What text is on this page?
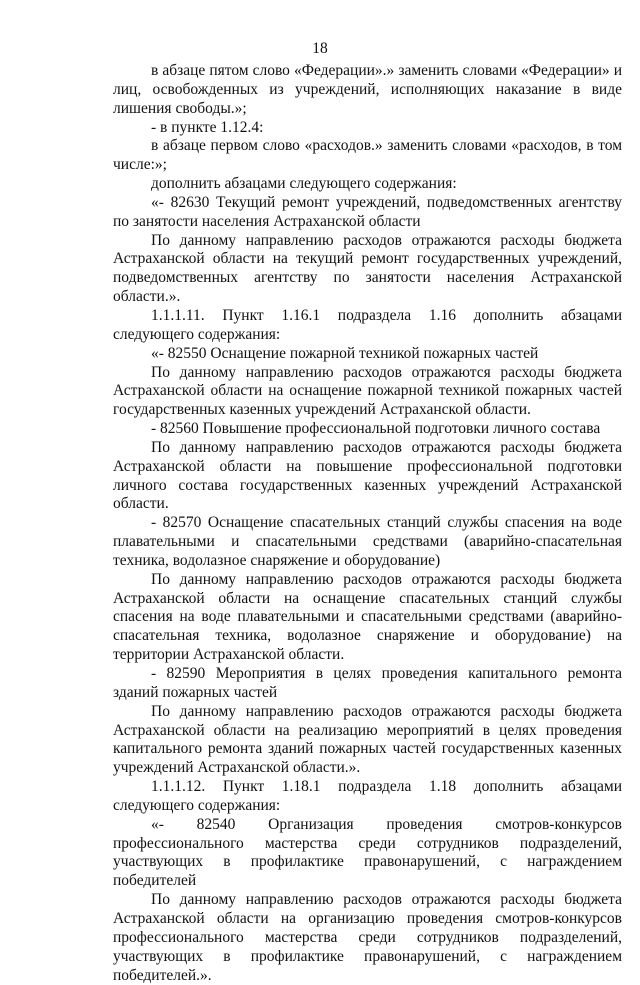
18

в абзаце пятом слово «Федерации».» заменить словами «Федерации» и лиц, освобожденных из учреждений, исполняющих наказание в виде лишения свободы.»;

- в пункте 1.12.4:

в абзаце первом слово «расходов.» заменить словами «расходов, в том числе:»;

дополнить абзацами следующего содержания:

«- 82630 Текущий ремонт учреждений, подведомственных агентству по занятости населения Астраханской области

По данному направлению расходов отражаются расходы бюджета Астраханской области на текущий ремонт государственных учреждений, подведомственных агентству по занятости населения Астраханской области.».

1.1.1.11. Пункт 1.16.1 подраздела 1.16 дополнить абзацами следующего содержания:

«- 82550 Оснащение пожарной техникой пожарных частей

По данному направлению расходов отражаются расходы бюджета Астраханской области на оснащение пожарной техникой пожарных частей государственных казенных учреждений Астраханской области.

- 82560 Повышение профессиональной подготовки личного состава

По данному направлению расходов отражаются расходы бюджета Астраханской области на повышение профессиональной подготовки личного состава государственных казенных учреждений Астраханской области.

- 82570 Оснащение спасательных станций службы спасения на воде плавательными и спасательными средствами (аварийно-спасательная техника, водолазное снаряжение и оборудование)

По данному направлению расходов отражаются расходы бюджета Астраханской области на оснащение спасательных станций службы спасения на воде плавательными и спасательными средствами (аварийно-спасательная техника, водолазное снаряжение и оборудование) на территории Астраханской области.

- 82590 Мероприятия в целях проведения капитального ремонта зданий пожарных частей

По данному направлению расходов отражаются расходы бюджета Астраханской области на реализацию мероприятий в целях проведения капитального ремонта зданий пожарных частей государственных казенных учреждений Астраханской области.».

1.1.1.12. Пункт 1.18.1 подраздела 1.18 дополнить абзацами следующего содержания:

«- 82540 Организация проведения смотров-конкурсов профессионального мастерства среди сотрудников подразделений, участвующих в профилактике правонарушений, с награждением победителей

По данному направлению расходов отражаются расходы бюджета Астраханской области на организацию проведения смотров-конкурсов профессионального мастерства среди сотрудников подразделений, участвующих в профилактике правонарушений, с награждением победителей.».
